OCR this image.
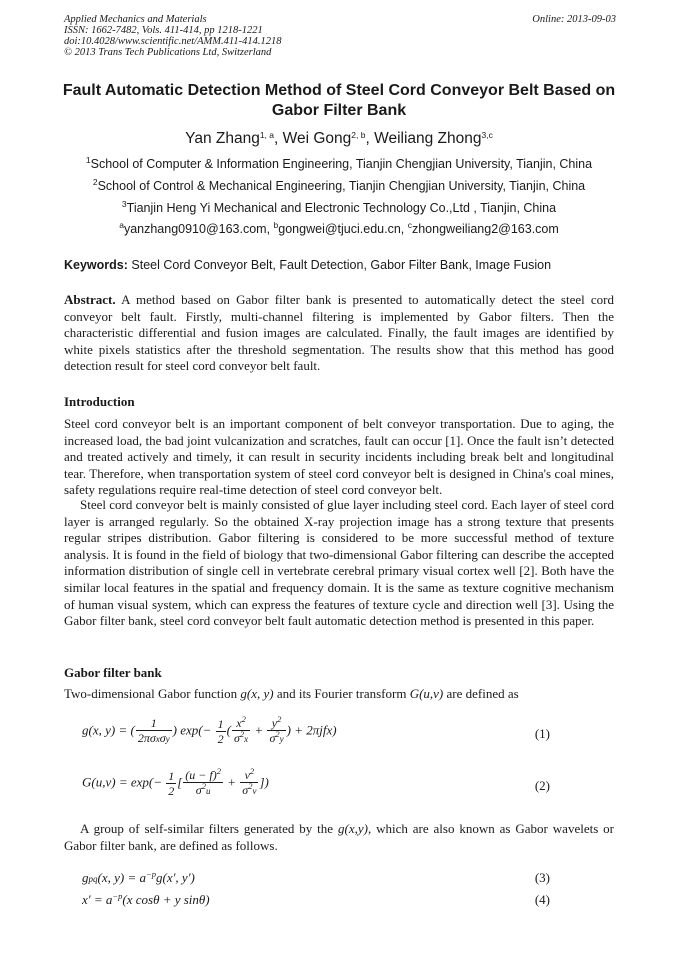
Applied Mechanics and Materials
ISSN: 1662-7482, Vols. 411-414, pp 1218-1221
doi:10.4028/www.scientific.net/AMM.411-414.1218
© 2013 Trans Tech Publications Ltd, Switzerland
Online: 2013-09-03
Fault Automatic Detection Method of Steel Cord Conveyor Belt Based on Gabor Filter Bank
Yan Zhang$^{1, a}$, Wei Gong$^{2, b}$, Weiliang Zhong$^{3,c}$
$^1$School of Computer & Information Engineering, Tianjin Chengjian University, Tianjin, China
$^2$School of Control & Mechanical Engineering, Tianjin Chengjian University, Tianjin, China
$^3$Tianjin Heng Yi Mechanical and Electronic Technology Co.,Ltd , Tianjin, China
$^a$yanzhang0910@163.com, $^b$gongwei@tjuci.edu.cn, $^c$zhongweiliang2@163.com
Keywords: Steel Cord Conveyor Belt, Fault Detection, Gabor Filter Bank, Image Fusion
Abstract. A method based on Gabor filter bank is presented to automatically detect the steel cord conveyor belt fault. Firstly, multi-channel filtering is implemented by Gabor filters. Then the characteristic differential and fusion images are calculated. Finally, the fault images are identified by white pixels statistics after the threshold segmentation. The results show that this method has good detection result for steel cord conveyor belt fault.
Introduction
Steel cord conveyor belt is an important component of belt conveyor transportation. Due to aging, the increased load, the bad joint vulcanization and scratches, fault can occur [1]. Once the fault isn’t detected and treated actively and timely, it can result in security incidents including break belt and longitudinal tear. Therefore, when transportation system of steel cord conveyor belt is designed in China's coal mines, safety regulations require real-time detection of steel cord conveyor belt.
Steel cord conveyor belt is mainly consisted of glue layer including steel cord. Each layer of steel cord layer is arranged regularly. So the obtained X-ray projection image has a strong texture that presents regular stripes distribution. Gabor filtering is considered to be more successful method of texture analysis. It is found in the field of biology that two-dimensional Gabor filtering can describe the accepted information distribution of single cell in vertebrate cerebral primary visual cortex well [2]. Both have the similar local features in the spatial and frequency domain. It is the same as texture cognitive mechanism of human visual system, which can express the features of texture cycle and direction well [3]. Using the Gabor filter bank, steel cord conveyor belt fault automatic detection method is presented in this paper.
Gabor filter bank
Two-dimensional Gabor function g(x, y) and its Fourier transform G(u,v) are defined as
g(x, y) = ( $\frac{1}{\text{2πσxσy}}$ ) $\exp(- \frac{1}{2}$ ( $\frac{x^2}{\sigma^2x} + \frac{y^2}{\sigma^2y}$ ) + 2πjfx)	(1)
$G(u,v) = \exp(- \frac{1}{2}$ [ $\frac{(u - f)^2}{\sigma^2u} + \frac{v^2}{\sigma^2v}$ ])	(2)
A group of self-similar filters generated by the g(x,y), which are also known as Gabor wavelets or Gabor filter bank, are defined as follows.
gpq(x, $y) = a^{-p}g(x'$, y′)	(3)
$x' = a^{-p}(x$ cosθ + y sinθ)	(4)
